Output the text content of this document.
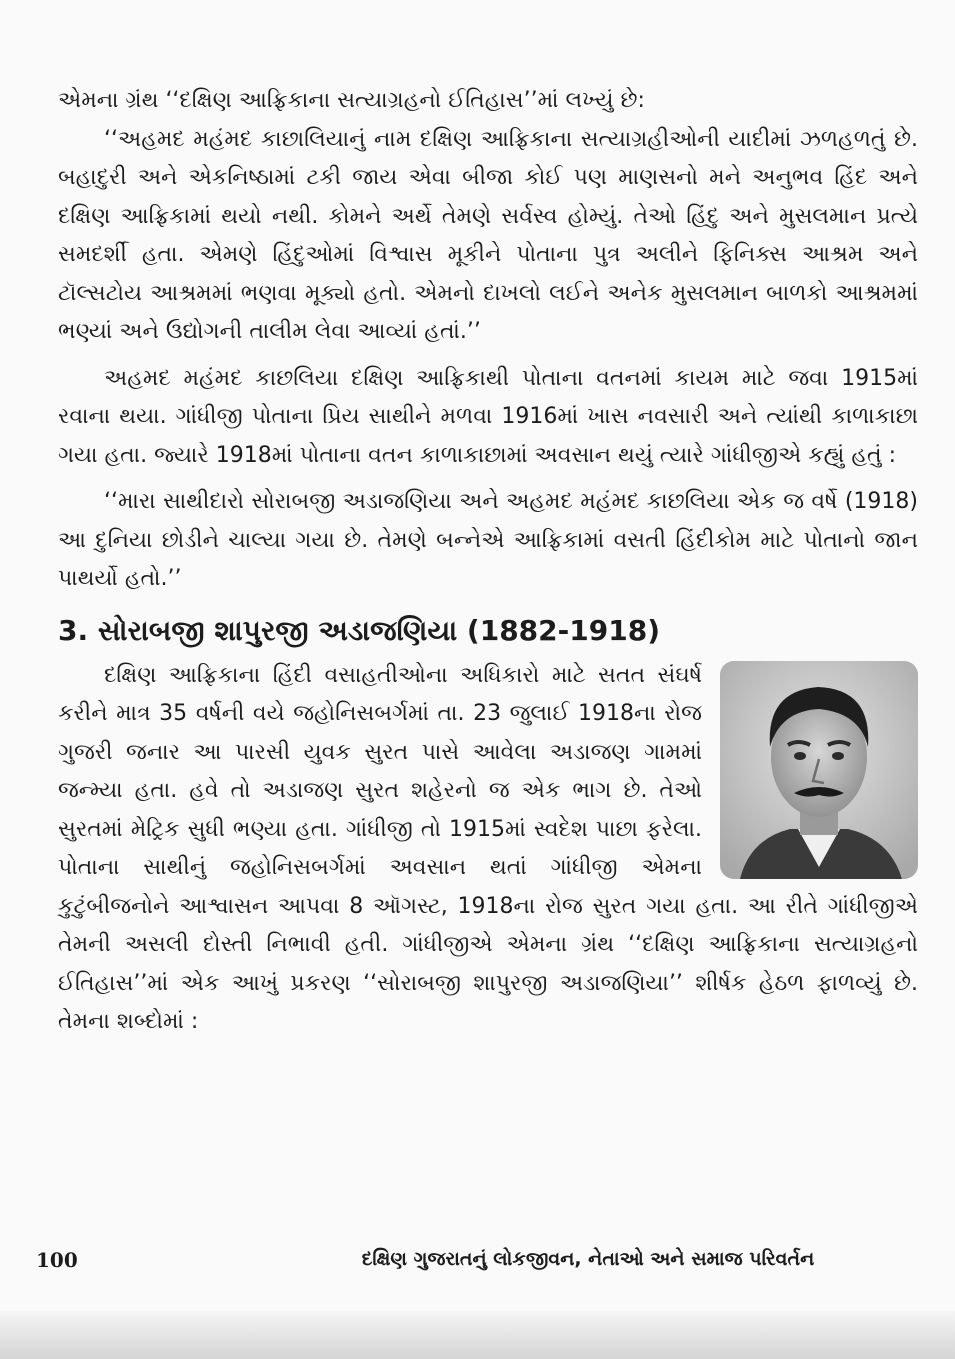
એમના ગ્રંથ ‘‘દક્ષિણ આફ્રિકાના સત્યાગ્રહનો ઈતિહાસ’’માં લખ્યું છે:

‘‘અહમદ મહંમદ કાછાલિયાનું નામ દક્ષિણ આફ્રિકાના સત્યાગ્રહીઓની યાદીમાં ઝળહળતું છે. બહાદુરી અને એકનિષ્ઠામાં ટકી જાય એવા બીજા કોઈ પણ માણસનો મને અનુભવ હિંદ અને દક્ષિણ આફ્રિકામાં થયો નથી. કોમને અર્થે તેમણે સર્વસ્વ હોમ્યું. તેઓ હિંદુ અને મુસલમાન પ્રત્યે સમદર્શી હતા. એમણે હિંદુઓમાં વિશ્વાસ મૂકીને પોતાના પુત્ર અલીને ફિનિક્સ આશ્રમ અને ટૉલ્સટોય આશ્રમમાં ભણવા મૂક્યો હતો. એમનો દાખલો લઈને અનેક મુસલમાન બાળકો આશ્રમમાં ભણ્યાં અને ઉદ્યોગની તાલીમ લેવા આવ્યાં હતાં.’’

અહમદ મહંમદ કાછલિયા દક્ષિણ આફ્રિકાથી પોતાના વતનમાં કાયમ માટે જવા 1915માં રવાના થયા. ગાંધીજી પોતાના પ્રિય સાથીને મળવા 1916માં ખાસ નવસારી અને ત્યાંથી કાળાકાછા ગયા હતા. જ્યારે 1918માં પોતાના વતન કાળાકાછામાં અવસાન થયું ત્યારે ગાંધીજીએ કહ્યું હતું :

‘‘મારા સાથીદારો સોરાબજી અડાજણિયા અને અહમદ મહંમદ કાછલિયા એક જ વર્ષે (1918) આ દુનિયા છોડીને ચાલ્યા ગયા છે. તેમણે બન્નેએ આફ્રિકામાં વસતી હિંદીકોમ માટે પોતાનો જાન પાથર્યો હતો.’’

3. સોરાબજી શાપુરજી અડાજણિયા (1882-1918)

દક્ષિણ આફ્રિકાના હિંદી વસાહતીઓના અધિકારો માટે સતત સંઘર્ષ કરીને માત્ર 35 વર્ષની વયે જહોનિસબર્ગમાં તા. 23 જુલાઈ 1918ના રોજ ગુજરી જનાર આ પારસી યુવક સુરત પાસે આવેલા અડાજણ ગામમાં જન્મ્યા હતા. હવે તો અડાજણ સુરત શહેરનો જ એક ભાગ છે. તેઓ સુરતમાં મેટ્રિક સુધી ભણ્યા હતા. ગાંધીજી તો 1915માં સ્વદેશ પાછા ફરેલા. પોતાના સાથીનું જહોનિસબર્ગમાં અવસાન થતાં ગાંધીજી એમના કુટુંબીજનોને આશ્વાસન આપવા 8 ઑગસ્ટ, 1918ના રોજ સુરત ગયા હતા. આ રીતે ગાંધીજીએ તેમની અસલી દોસ્તી નિભાવી હતી. ગાંધીજીએ એમના ગ્રંથ ‘‘દક્ષિણ આફ્રિકાના સત્યાગ્રહનો ઈતિહાસ’’માં એક આખું પ્રકરણ ‘‘સોરાબજી શાપુરજી અડાજણિયા’’ શીર્ષક હેઠળ ફાળવ્યું છે. તેમના શબ્દોમાં :

100	દક્ષિણ ગુજરાતનું લોકજીવન, નેતાઓ અને સમાજ પરિવર્તન
